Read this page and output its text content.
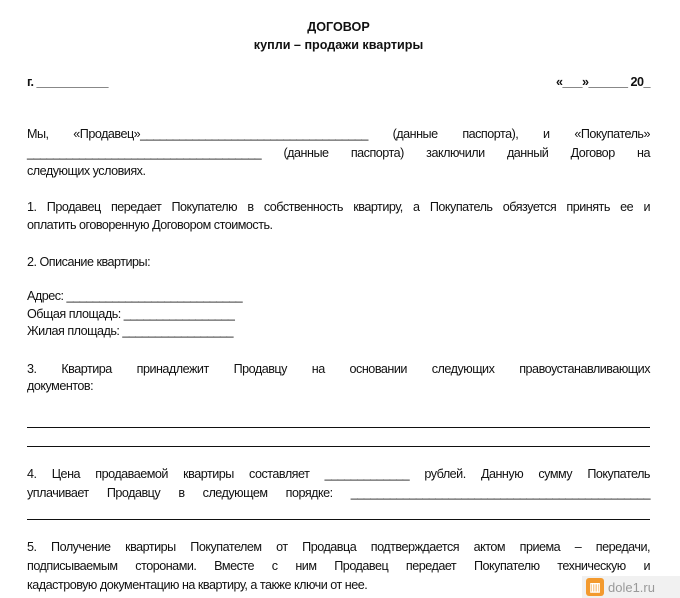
ДОГОВОР
купли – продажи квартиры
г. ___________	«___»______ 20_
Мы, «Продавец»___________________________________ (данные паспорта), и «Покупатель»
____________________________________ (данные паспорта) заключили данный Договор на
следующих условиях.
1. Продавец передает Покупателю в собственность квартиру, а Покупатель обязуется принять ее и
оплатить оговоренную Договором стоимость.
2. Описание квартиры:
Адрес: ___________________________
Общая площадь: _________________
Жилая площадь: _________________
3. Квартира принадлежит Продавцу на основании следующих правоустанавливающих
документов:
4. Цена продаваемой квартиры составляет _____________ рублей. Данную сумму Покупатель
уплачивает Продавцу в следующем порядке: ______________________________________________
5. Получение квартиры Покупателем от Продавца подтверждается актом приема – передачи,
подписываемым сторонами. Вместе с ним Продавец передает Покупателю техническую и
кадастровую документацию на квартиру, а также ключи от нее.	▥ dole1.ru
